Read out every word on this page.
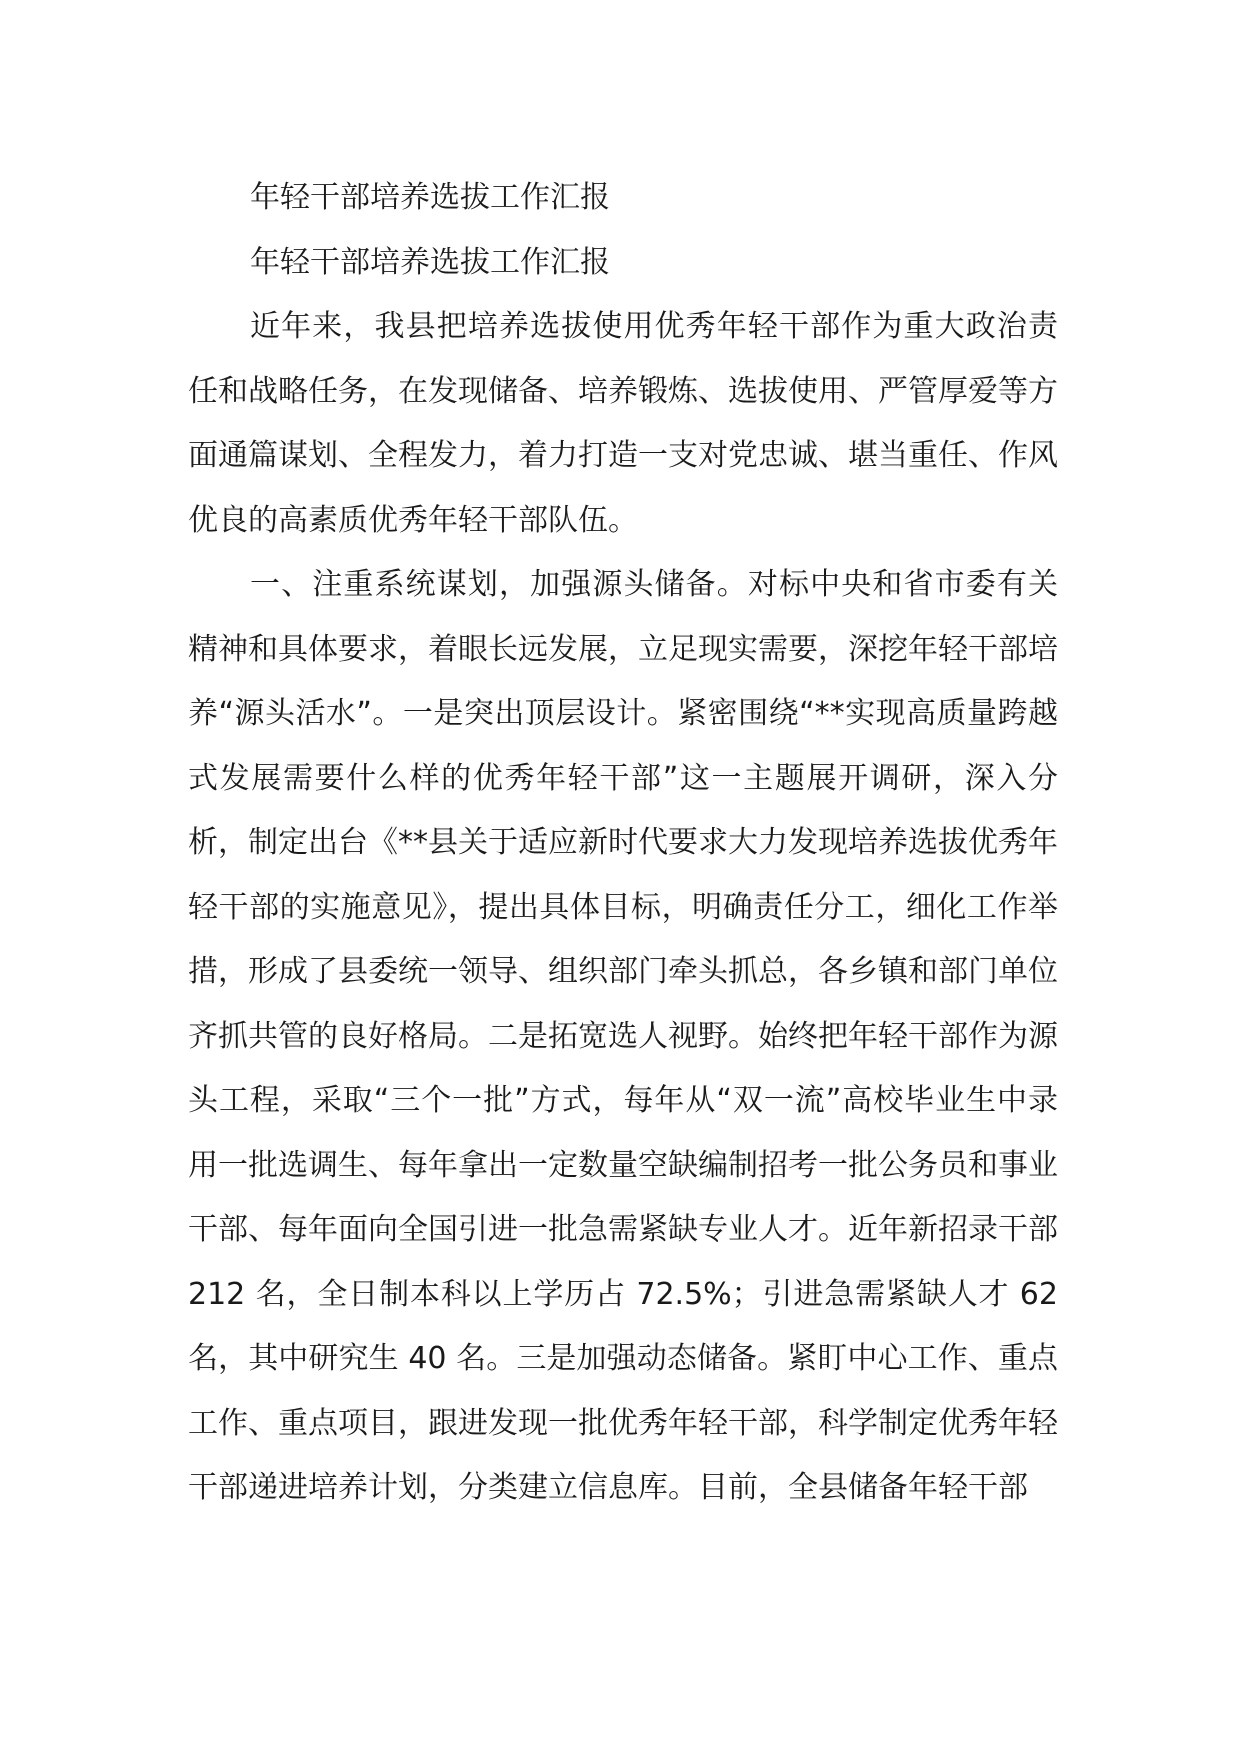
年轻干部培养选拔工作汇报
年轻干部培养选拔工作汇报

近年来，我县把培养选拔使用优秀年轻干部作为重大政治责任和战略任务，在发现储备、培养锻炼、选拔使用、严管厚爱等方面通篇谋划、全程发力，着力打造一支对党忠诚、堪当重任、作风优良的高素质优秀年轻干部队伍。

一、注重系统谋划，加强源头储备。对标中央和省市委有关精神和具体要求，着眼长远发展，立足现实需要，深挖年轻干部培养“源头活水”。一是突出顶层设计。紧密围绕“**实现高质量跨越式发展需要什么样的优秀年轻干部”这一主题展开调研，深入分析，制定出台《**县关于适应新时代要求大力发现培养选拔优秀年轻干部的实施意见》，提出具体目标，明确责任分工，细化工作举措，形成了县委统一领导、组织部门牵头抓总，各乡镇和部门单位齐抓共管的良好格局。二是拓宽选人视野。始终把年轻干部作为源头工程，采取“三个一批”方式，每年从“双一流”高校毕业生中录用一批选调生、每年拿出一定数量空缺编制招考一批公务员和事业干部、每年面向全国引进一批急需紧缺专业人才。近年新招录干部 212 名，全日制本科以上学历占 72.5%；引进急需紧缺人才 62 名，其中研究生 40 名。三是加强动态储备。紧盯中心工作、重点工作、重点项目，跟进发现一批优秀年轻干部，科学制定优秀年轻干部递进培养计划，分类建立信息库。目前，全县储备年轻干部
